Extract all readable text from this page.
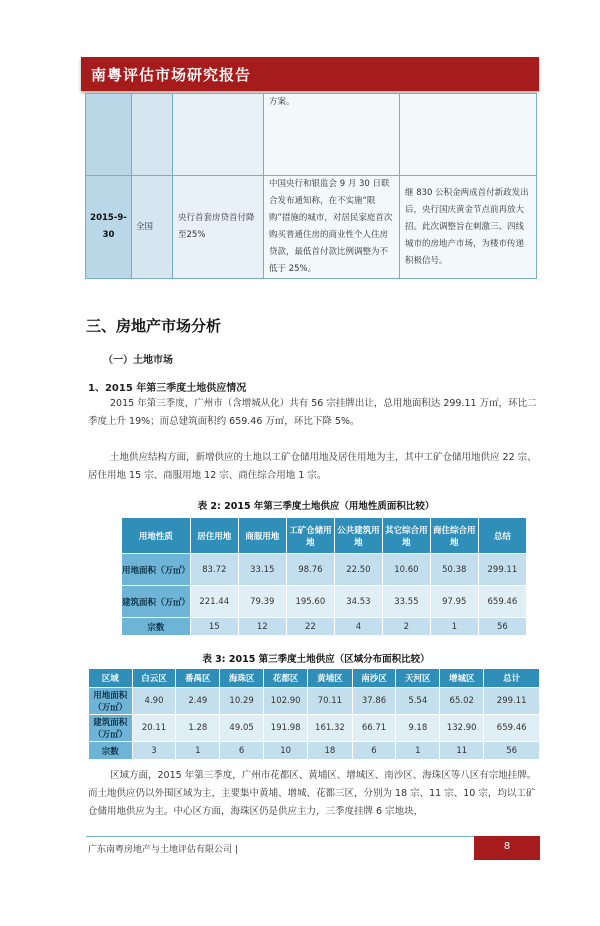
南粤评估市场研究报告
			方案。	
2015-9-30	全国	央行首套房贷首付降至25%	中国央行和银监会 9 月 30 日联合发布通知称，在不实施“限购”措施的城市，对居民家庭首次购买普通住房的商业性个人住房贷款，最低首付款比例调整为不低于 25%。	继 830 公积金两成首付新政发出后，央行国庆黄金节点前再放大招。此次调整旨在刺激三、四线城市的房地产市场，为楼市传递积极信号。
三、房地产市场分析
（一）土地市场
1、2015 年第三季度土地供应情况

2015 年第三季度，广州市（含增城从化）共有 56 宗挂牌出让，总用地面积达 299.11 万㎡，环比二季度上升 19%；而总建筑面积约 659.46 万㎡，环比下降 5%。

土地供应结构方面，新增供应的土地以工矿仓储用地及居住用地为主，其中工矿仓储用地供应 22 宗、居住用地 15 宗、商服用地 12 宗、商住综合用地 1 宗。

表 2: 2015 年第三季度土地供应（用地性质面积比较）
用地性质	居住用地	商服用地	工矿仓储用地	公共建筑用地	其它综合用地	商住综合用地	总结
用地面积（万㎡）	83.72	33.15	98.76	22.50	10.60	50.38	299.11
建筑面积（万㎡）	221.44	79.39	195.60	34.53	33.55	97.95	659.46
宗数	15	12	22	4	2	1	56
表 3: 2015 第三季度土地供应（区域分布面积比较）
区域	白云区	番禺区	海珠区	花都区	黄埔区	南沙区	天河区	增城区	总计
用地面积（万㎡）	4.90	2.49	10.29	102.90	70.11	37.86	5.54	65.02	299.11
建筑面积（万㎡）	20.11	1.28	49.05	191.98	161.32	66.71	9.18	132.90	659.46
宗数	3	1	6	10	18	6	1	11	56

区域方面，2015 年第三季度，广州市花都区、黄埔区、增城区、南沙区、海珠区等八区有宗地挂牌。而土地供应仍以外围区域为主，主要集中黄埔、增城、花都三区，分别为 18 宗、11 宗、10 宗，均以工矿仓储用地供应为主。中心区方面，海珠区仍是供应主力，三季度挂牌 6 宗地块，

广东南粤房地产与土地评估有限公司 |	8
